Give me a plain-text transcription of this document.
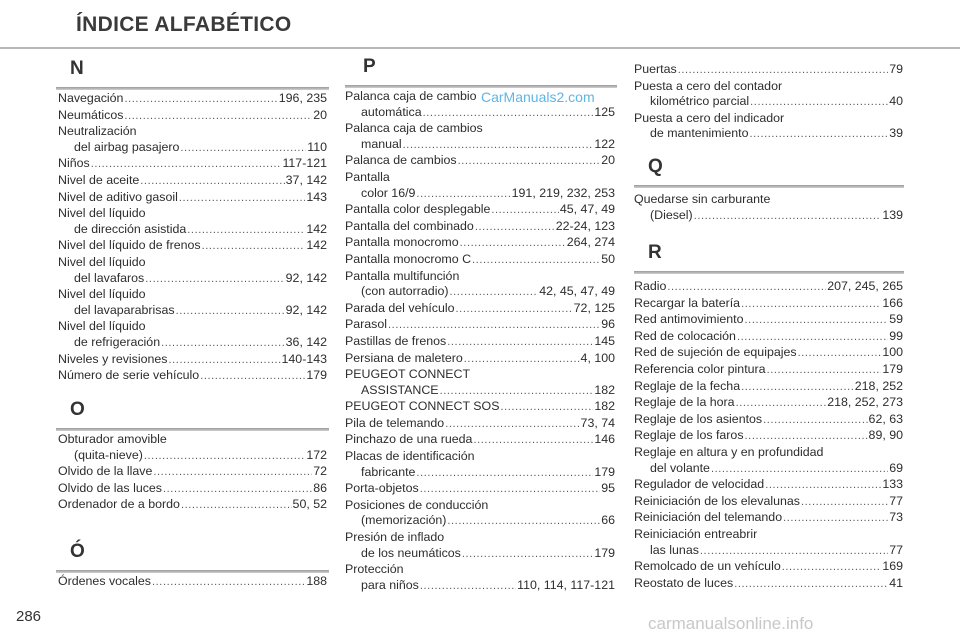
ÍNDICE ALFABÉTICO
N
Navegación .....	196, 235
Neumáticos .....	20
Neutralización
del airbag pasajero .....	110
Niños .....	117-121
Nivel de aceite .....	37, 142
Nivel de aditivo gasoil .....	143
Nivel del líquido
de dirección asistida .....	142
Nivel del líquido de frenos .....	142
Nivel del líquido
del lavafaros .....	92, 142
Nivel del líquido
del lavaparabrisas .....	92, 142
Nivel del líquido
de refrigeración .....	36, 142
Niveles y revisiones .....	140-143
Número de serie vehículo .....	179
O
Obturador amovible
(quita-nieve) .....	172
Olvido de la llave .....	72
Olvido de las luces .....	86
Ordenador de a bordo .....	50, 52
Ó
Órdenes vocales .....	188
P
Palanca caja de cambio
automática .....	125
Palanca caja de cambios
manual .....	122
Palanca de cambios .....	20
Pantalla
color 16/9 .....	191, 219, 232, 253
Pantalla color desplegable .....	45, 47, 49
Pantalla del combinado .....	22-24, 123
Pantalla monocromo .....	264, 274
Pantalla monocromo C .....	50
Pantalla multifunción
(con autorradio) .....	42, 45, 47, 49
Parada del vehículo .....	72, 125
Parasol .....	96
Pastillas de frenos .....	145
Persiana de maletero .....	4, 100
PEUGEOT CONNECT
ASSISTANCE .....	182
PEUGEOT CONNECT SOS .....	182
Pila de telemando .....	73, 74
Pinchazo de una rueda .....	146
Placas de identificación
fabricante .....	179
Porta-objetos .....	95
Posiciones de conducción
(memorización) .....	66
Presión de inflado
de los neumáticos .....	179
Protección
para niños .....	110, 114, 117-121
Puertas .....	79
Puesta a cero del contador
kilométrico parcial .....	40
Puesta a cero del indicador
de mantenimiento .....	39
Q
Quedarse sin carburante
(Diesel) .....	139
R
Radio .....	207, 245, 265
Recargar la batería .....	166
Red antimovimiento .....	59
Red de colocación .....	99
Red de sujeción de equipajes .....	100
Referencia color pintura .....	179
Reglaje de la fecha .....	218, 252
Reglaje de la hora .....	218, 252, 273
Reglaje de los asientos .....	62, 63
Reglaje de los faros .....	89, 90
Reglaje en altura y en profundidad
del volante .....	69
Regulador de velocidad .....	133
Reiniciación de los elevalunas .....	77
Reiniciación del telemando .....	73
Reiniciación entreabrir
las lunas .....	77
Remolcado de un vehículo .....	169
Reostato de luces .....	41
286
CarManuals2.com
carmanualsonline.info
